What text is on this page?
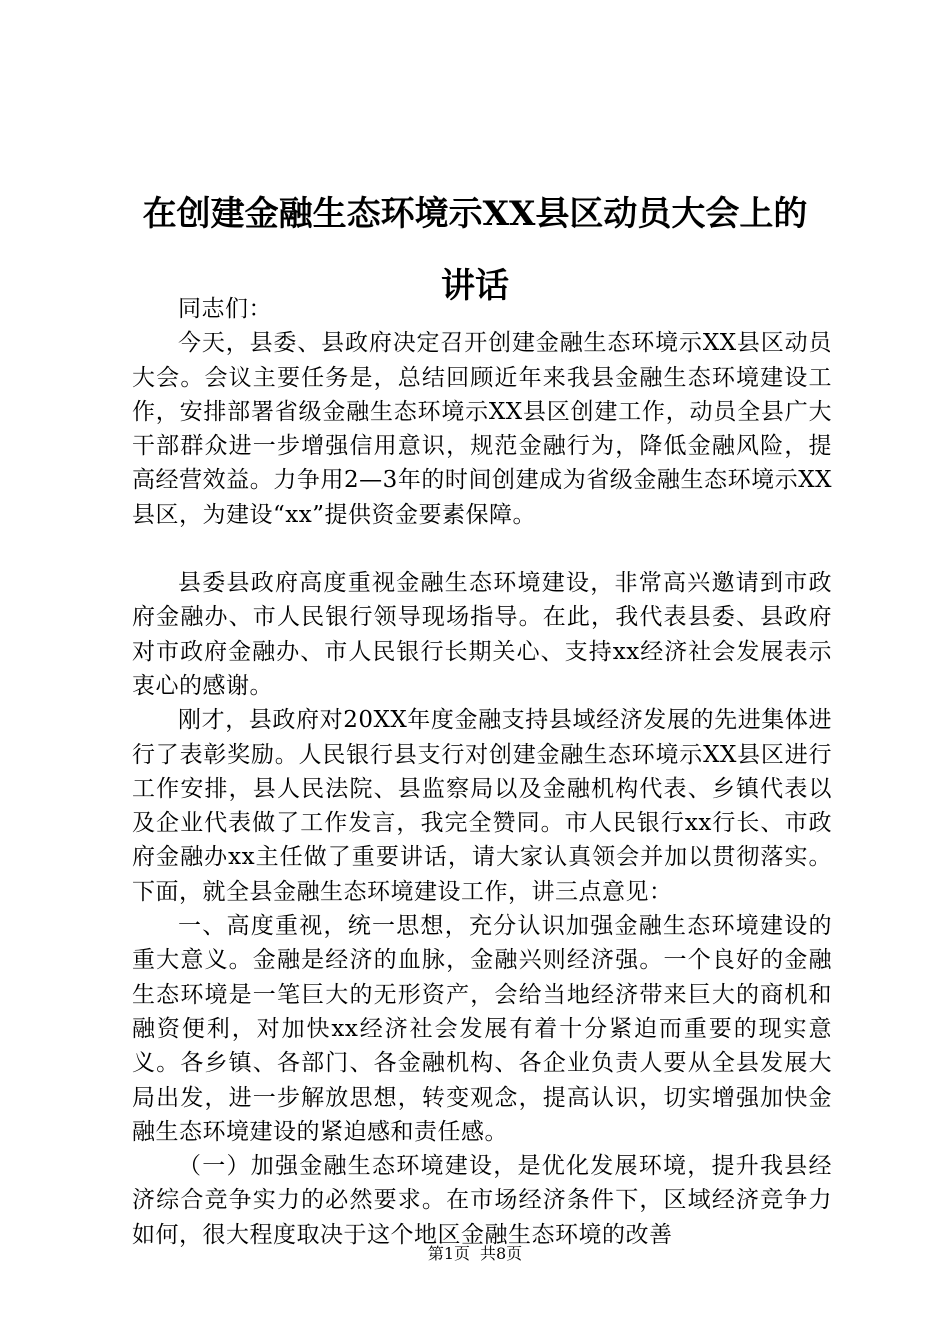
在创建金融生态环境示XX县区动员大会上的
讲话

同志们：

今天，县委、县政府决定召开创建金融生态环境示XX县区动员大会。会议主要任务是，总结回顾近年来我县金融生态环境建设工作，安排部署省级金融生态环境示XX县区创建工作，动员全县广大干部群众进一步增强信用意识，规范金融行为，降低金融风险，提高经营效益。力争用2—3年的时间创建成为省级金融生态环境示XX县区，为建设“xx”提供资金要素保障。

县委县政府高度重视金融生态环境建设，非常高兴邀请到市政府金融办、市人民银行领导现场指导。在此，我代表县委、县政府对市政府金融办、市人民银行长期关心、支持xx经济社会发展表示衷心的感谢。

刚才，县政府对20XX年度金融支持县域经济发展的先进集体进行了表彰奖励。人民银行县支行对创建金融生态环境示XX县区进行工作安排，县人民法院、县监察局以及金融机构代表、乡镇代表以及企业代表做了工作发言，我完全赞同。市人民银行xx行长、市政府金融办xx主任做了重要讲话，请大家认真领会并加以贯彻落实。下面，就全县金融生态环境建设工作，讲三点意见：

一、高度重视，统一思想，充分认识加强金融生态环境建设的重大意义。金融是经济的血脉，金融兴则经济强。一个良好的金融生态环境是一笔巨大的无形资产，会给当地经济带来巨大的商机和融资便利，对加快xx经济社会发展有着十分紧迫而重要的现实意义。各乡镇、各部门、各金融机构、各企业负责人要从全县发展大局出发，进一步解放思想，转变观念，提高认识，切实增强加快金融生态环境建设的紧迫感和责任感。

（一）加强金融生态环境建设，是优化发展环境，提升我县经济综合竞争实力的必然要求。在市场经济条件下，区域经济竞争力如何，很大程度取决于这个地区金融生态环境的改善

第1页 共8页
